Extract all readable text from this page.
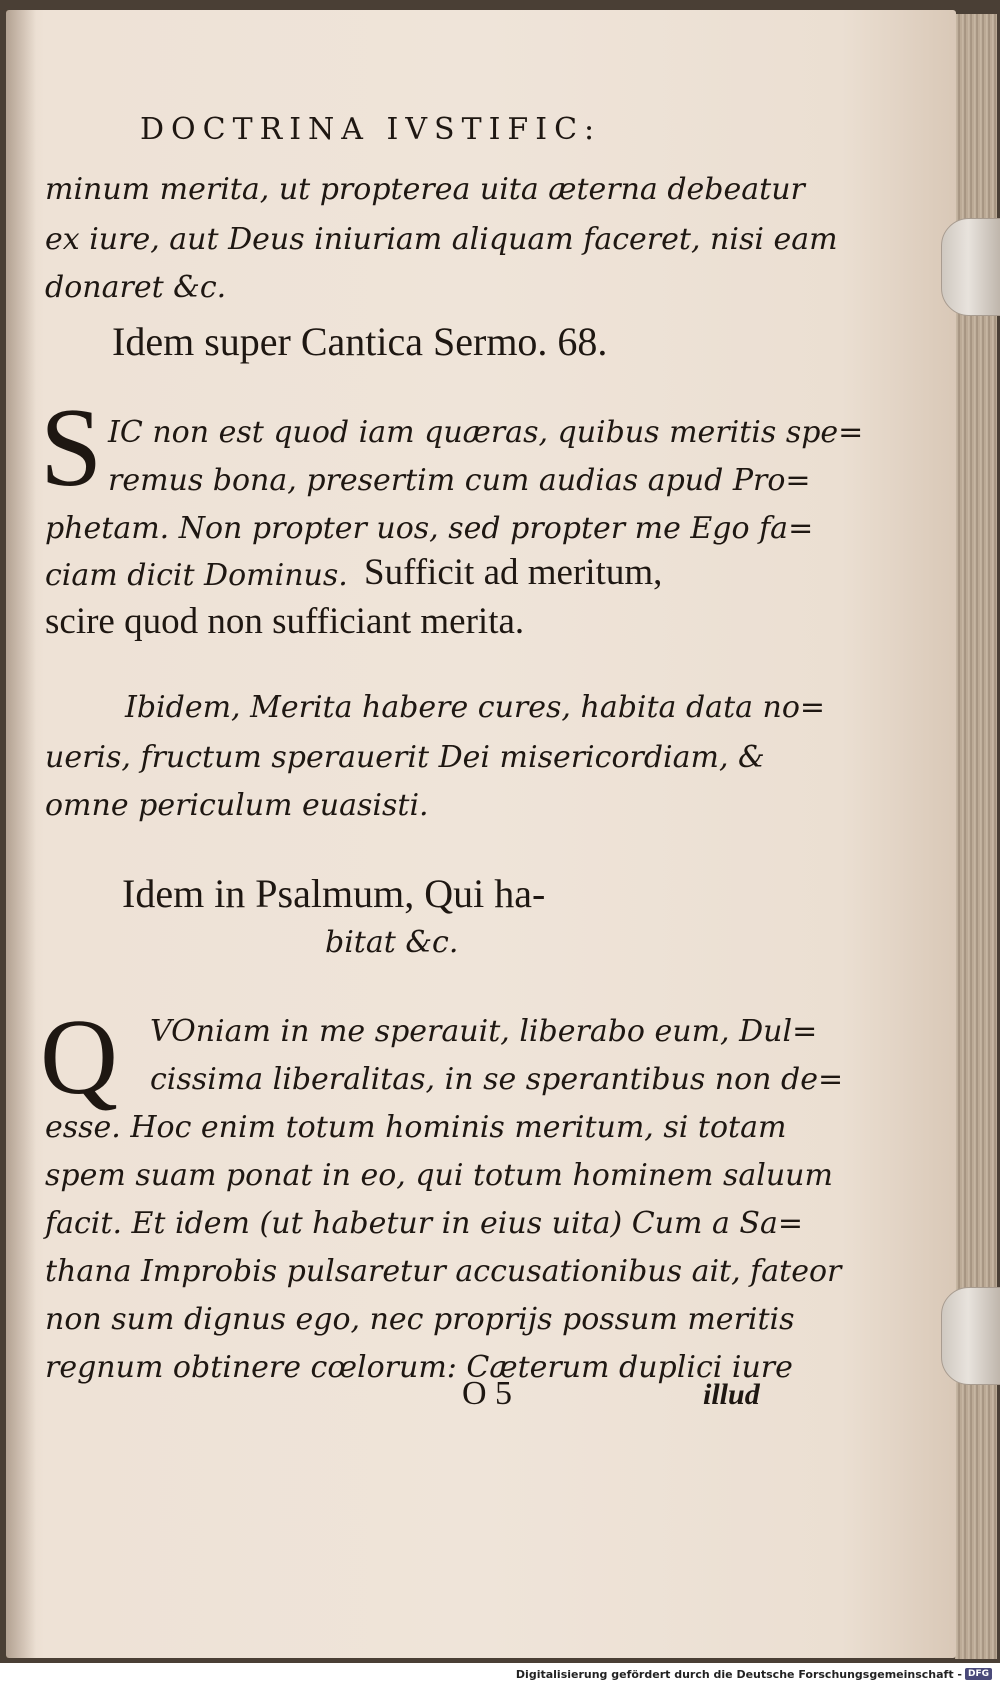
DOCTRINA IVSTIFIC:
minum merita, ut propterea uita æterna debeatur
ex iure, aut Deus iniuriam aliquam faceret, nisi eam
donaret &c.
Idem super Cantica Sermo. 68.
S IC non est quod iam quæras, quibus meritis spe=
remus bona, presertim cum audias apud Pro=
phetam. Non propter uos, sed propter me Ego fa=
ciam dicit Dominus. Sufficit ad meritum,
scire quod non sufficiant merita.
Ibidem, Merita habere cures, habita data no=
ueris, fructum sperauerit Dei misericordiam, &
omne periculum euasisti.
Idem in Psalmum, Qui ha-
bitat &c.
Q VOniam in me sperauit, liberabo eum, Dul=
cissima liberalitas, in se sperantibus non de=
esse. Hoc enim totum hominis meritum, si totam
spem suam ponat in eo, qui totum hominem saluum
facit. Et idem (ut habetur in eius uita) Cum a Sa=
thana Improbis pulsaretur accusationibus ait, fateor
non sum dignus ego, nec proprijs possum meritis
regnum obtinere cœlorum: Cæterum duplici iure
O 5	illud
Digitalisierung gefördert durch die Deutsche Forschungsgemeinschaft - DFG
